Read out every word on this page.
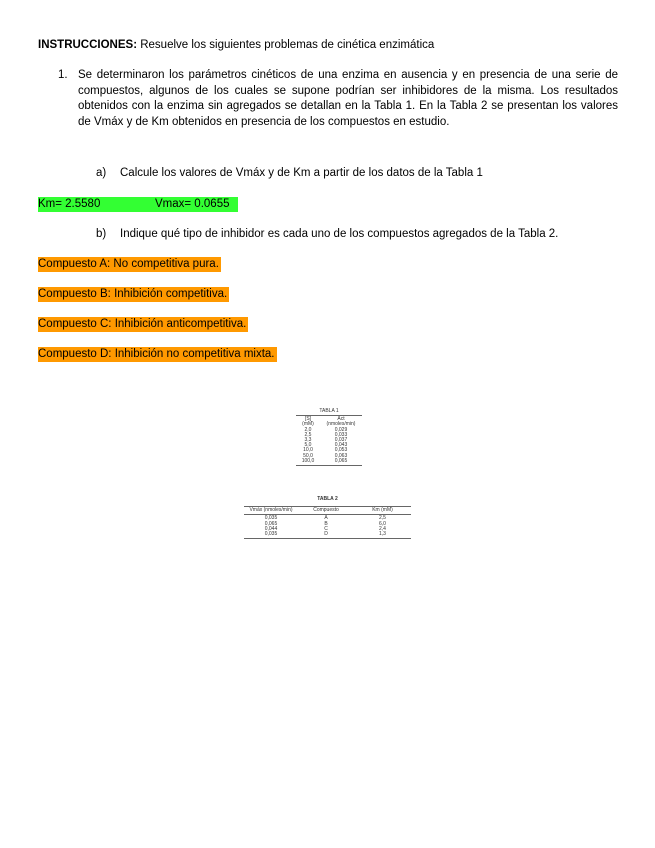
INSTRUCCIONES: Resuelve los siguientes problemas de cinética enzimática
1. Se determinaron los parámetros cinéticos de una enzima en ausencia y en presencia de una serie de compuestos, algunos de los cuales se supone podrían ser inhibidores de la misma. Los resultados obtenidos con la enzima sin agregados se detallan en la Tabla 1. En la Tabla 2 se presentan los valores de Vmáx y de Km obtenidos en presencia de los compuestos en estudio.
a) Calcule los valores de Vmáx y de Km a partir de los datos de la Tabla 1
Km= 2.5580	Vmax= 0.0655
b) Indique qué tipo de inhibidor es cada uno de los compuestos agregados de la Tabla 2.
Compuesto A: No competitiva pura.
Compuesto B: Inhibición competitiva.
Compuesto C: Inhibición anticompetitiva.
Compuesto D: Inhibición no competitiva mixta.
TABLA 1
[S]	Act
(mM)	(nmoles/min)
2,0	0,029
2,5	0,033
3,3	0,037
5,0	0,043
10,0	0,053
50,0	0,063
100,0	0,065
TABLA 2
Vmáx (nmoles/min)	Compuesto	Km (mM)
0,035	A	2,5
0,065	B	6,0
0,044	C	2,4
0,035	D	1,3
